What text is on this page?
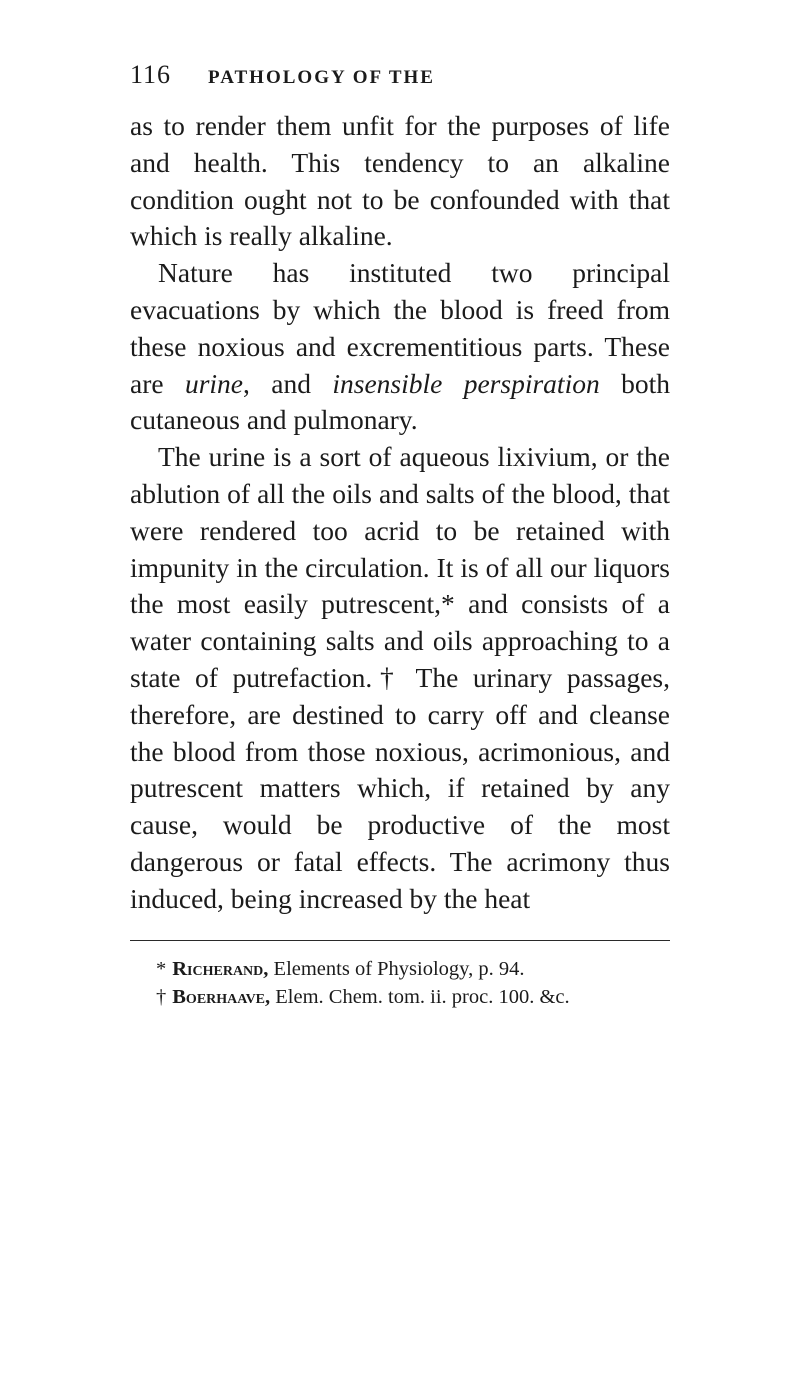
116	PATHOLOGY OF THE

as to render them unfit for the purposes of life and health. This tendency to an alkaline condition ought not to be confounded with that which is really alkaline.

Nature has instituted two principal evacuations by which the blood is freed from these noxious and excrementitious parts. These are urine, and insensible perspiration both cutaneous and pulmonary.

The urine is a sort of aqueous lixivium, or the ablution of all the oils and salts of the blood, that were rendered too acrid to be retained with impunity in the circulation. It is of all our liquors the most easily putrescent,* and consists of a water containing salts and oils approaching to a state of putrefaction.† The urinary passages, therefore, are destined to carry off and cleanse the blood from those noxious, acrimonious, and putrescent matters which, if retained by any cause, would be productive of the most dangerous or fatal effects. The acrimony thus induced, being increased by the heat

* Richerand, Elements of Physiology, p. 94.
† Boerhaave, Elem. Chem. tom. ii. proc. 100. &c.
